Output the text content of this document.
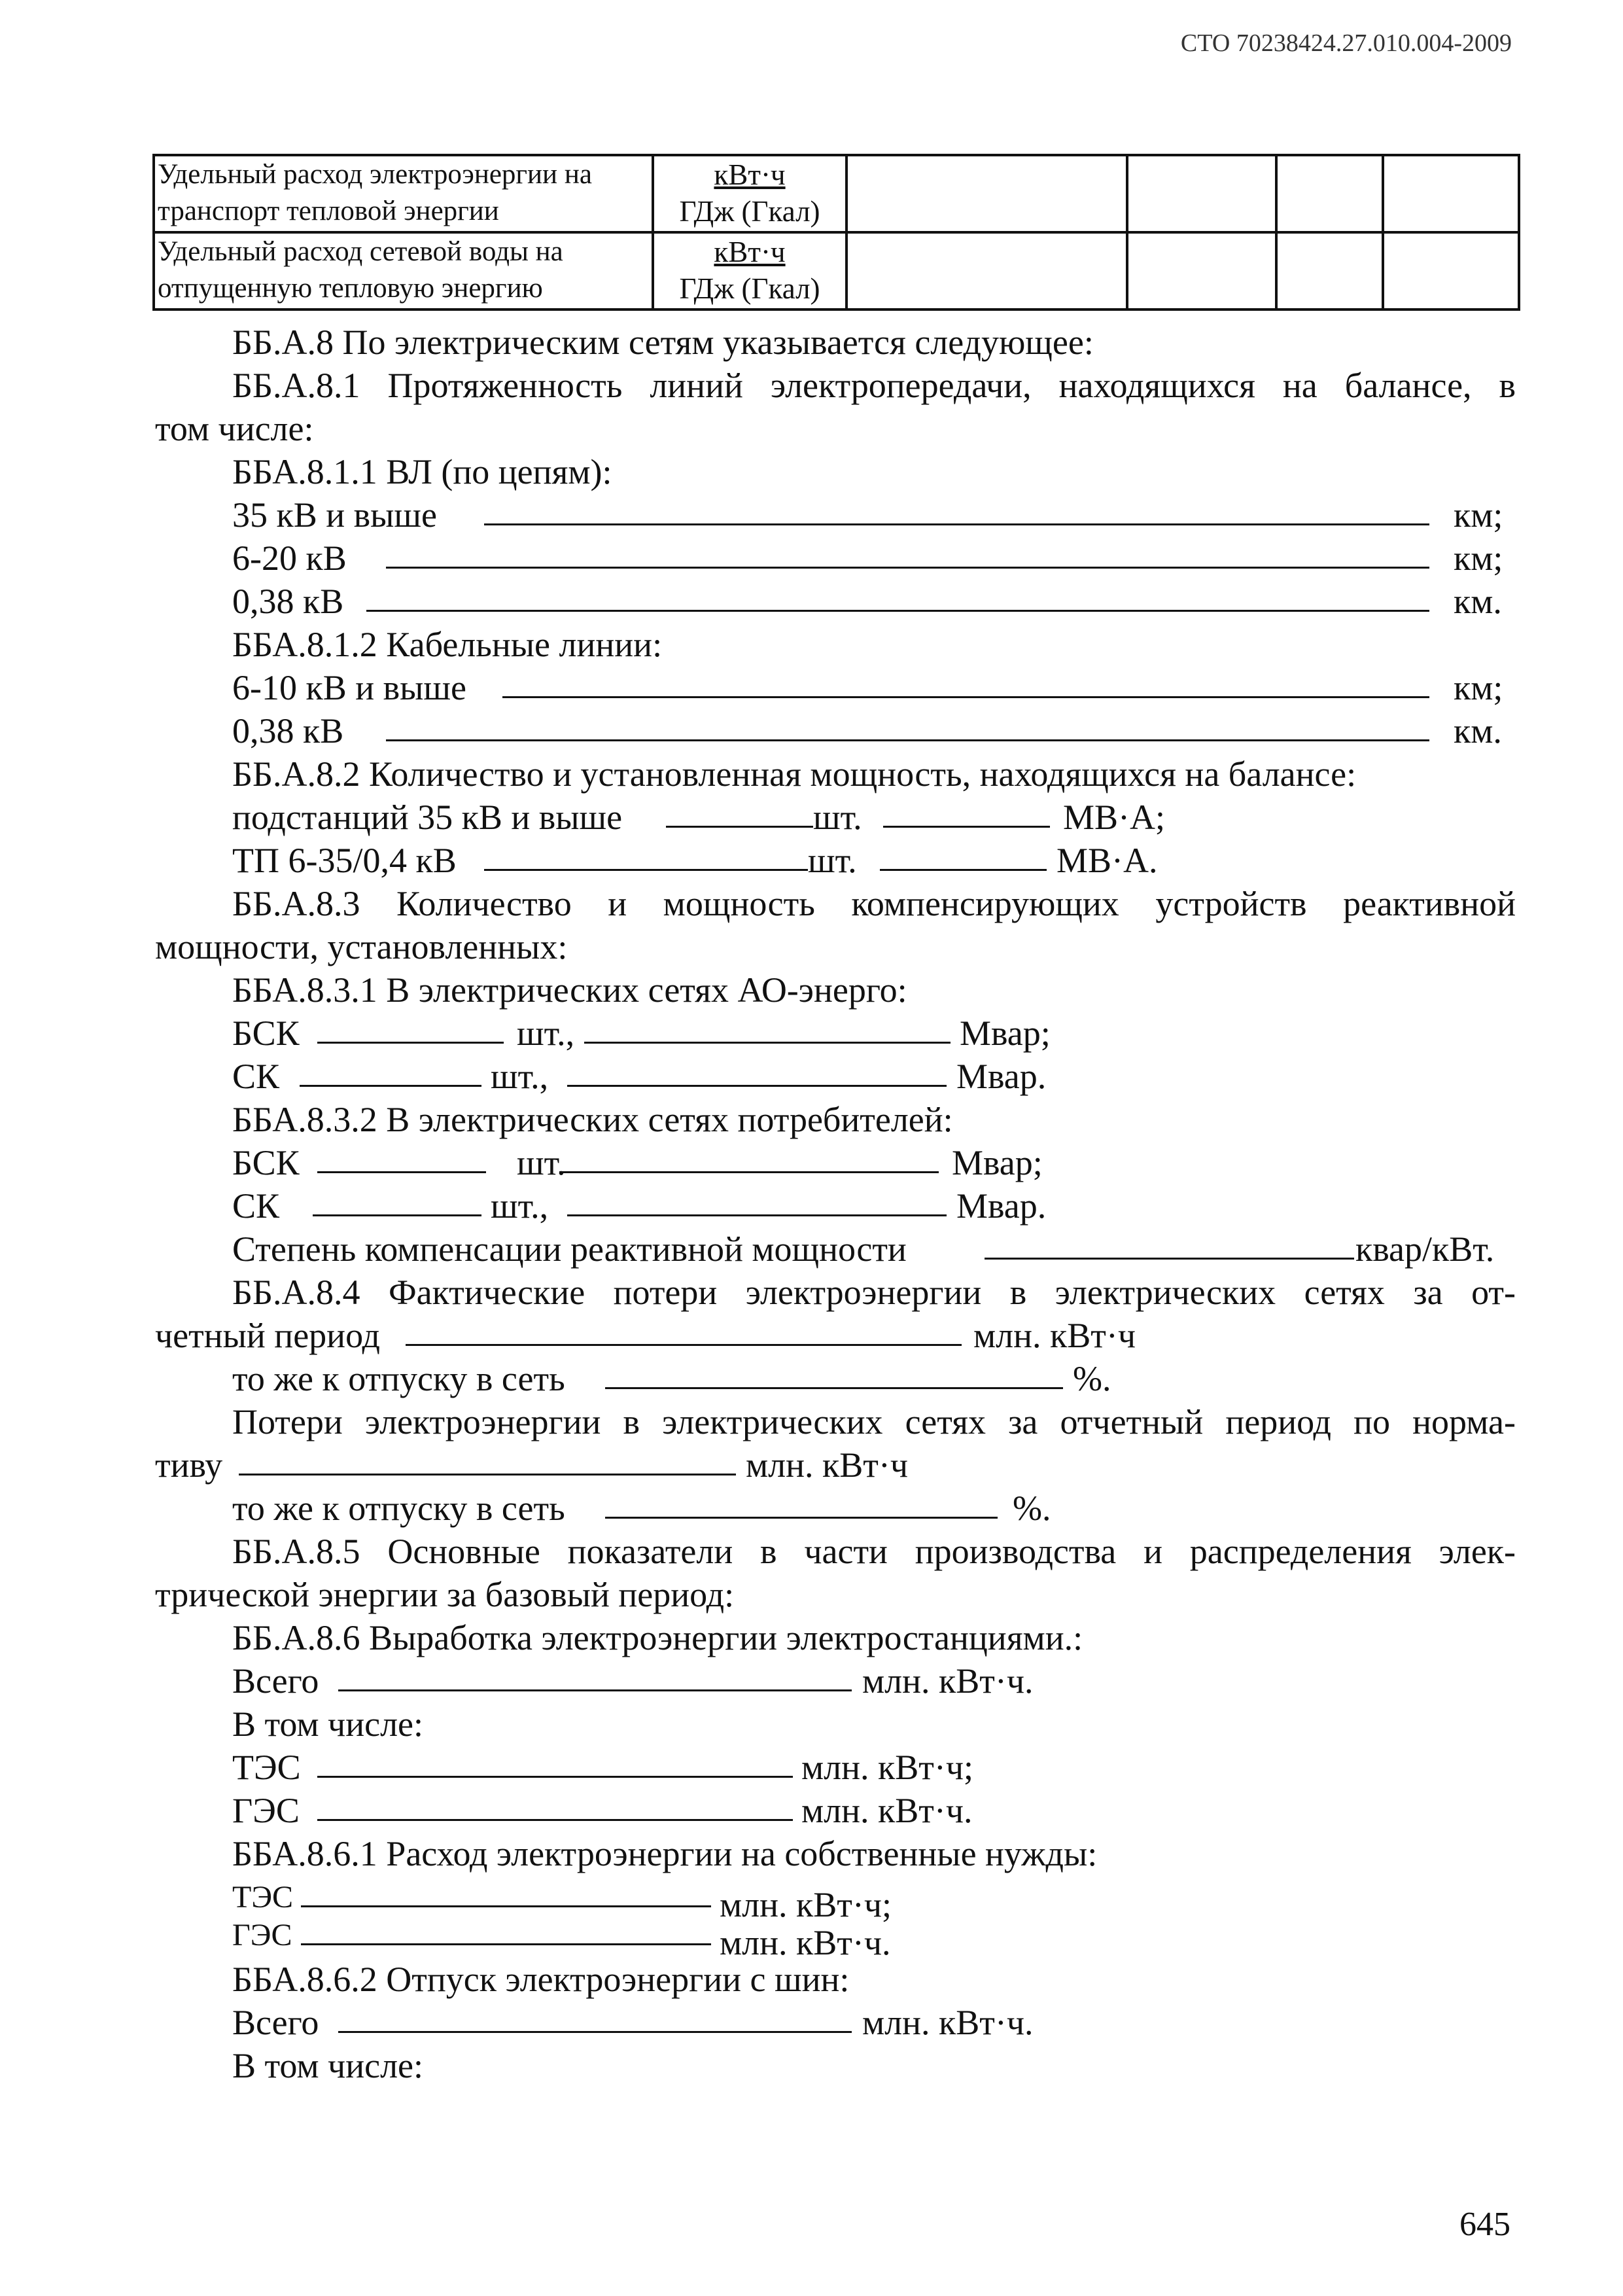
СТО 70238424.27.010.004-2009
Удельный расход электроэнергии на транспорт тепловой энергии	кВт·ч
ГДж (Гкал)					
Удельный расход сетевой воды на отпущенную тепловую энергию	кВт·ч
ГДж (Гкал)					
ББ.А.8 По электрическим сетям указывается следующее:
ББ.А.8.1 Протяженность линий электропередачи, находящихся на балансе, в
том числе:
ББА.8.1.1 ВЛ (по цепям):
35 кВ и выше	км;
6-20 кВ	км;
0,38 кВ	км.
ББА.8.1.2 Кабельные линии:
6-10 кВ и выше	км;
0,38 кВ	км.
ББ.А.8.2 Количество и установленная мощность, находящихся на балансе:
подстанций 35 кВ и выше	шт.	МВ·А;
ТП 6-35/0,4 кВ	шт.	МВ·А.
ББ.А.8.3 Количество и мощность компенсирующих устройств реактивной
мощности, установленных:
ББА.8.3.1 В электрических сетях АО-энерго:
БСК	шт.,	Мвар;
СК	шт.,	Мвар.
ББА.8.3.2 В электрических сетях потребителей:
БСК	шт.	Мвар;
СК	шт.,	Мвар.
Степень компенсации реактивной мощности	квар/кВт.
ББ.А.8.4 Фактические потери электроэнергии в электрических сетях за от-
четный период	млн. кВт·ч
то же к отпуску в сеть	%.
Потери электроэнергии в электрических сетях за отчетный период по норма-
тиву	млн. кВт·ч
то же к отпуску в сеть	%.
ББ.А.8.5 Основные показатели в части производства и распределения элек-
трической энергии за базовый период:
ББ.А.8.6 Выработка электроэнергии электростанциями.:
Всего	млн. кВт·ч.
В том числе:
ТЭС	млн. кВт·ч;
ГЭС	млн. кВт·ч.
ББА.8.6.1 Расход электроэнергии на собственные нужды:
ТЭС	млн. кВт·ч;
ГЭС	млн. кВт·ч.
ББА.8.6.2 Отпуск электроэнергии с шин:
Всего	млн. кВт·ч.
В том числе:
645
